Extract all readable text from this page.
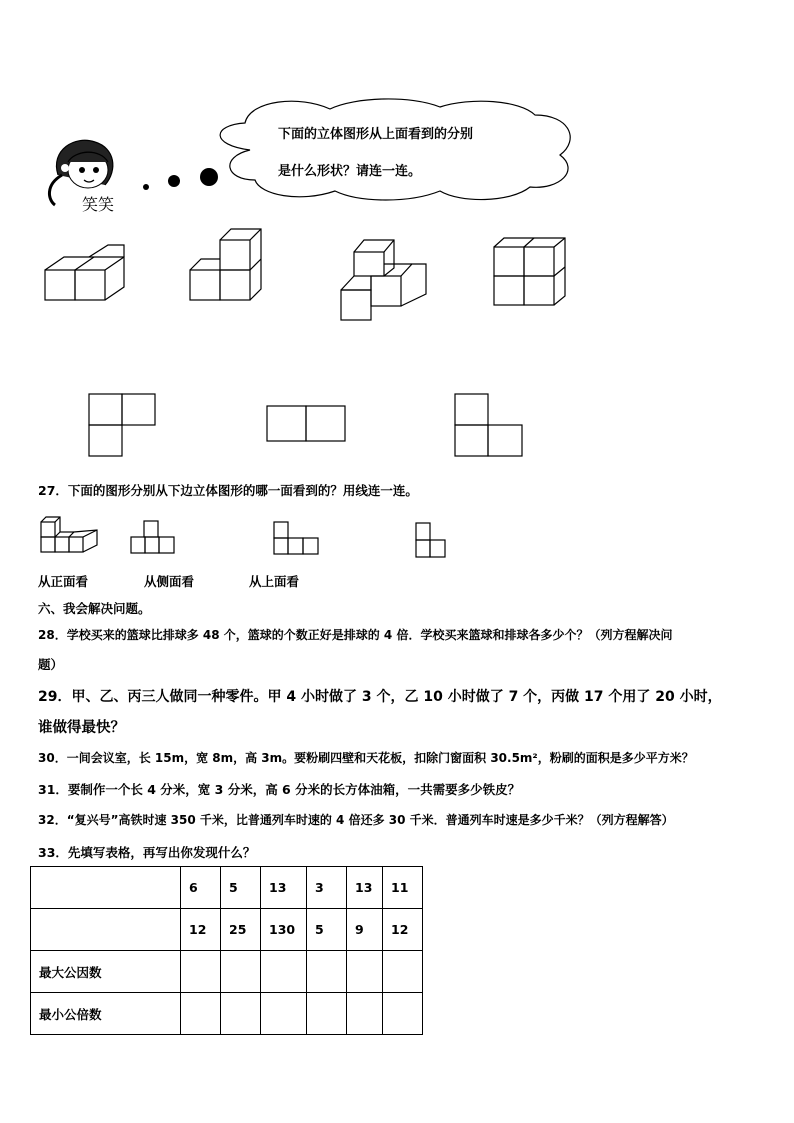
笑笑
下面的立体图形从上面看到的分别
是什么形状？请连一连。
27．下面的图形分别从下边立体图形的哪一面看到的？用线连一连。
从正面看	从侧面看	从上面看
六、我会解决问题。
28．学校买来的篮球比排球多 48 个，篮球的个数正好是排球的 4 倍．学校买来篮球和排球各多少个？（列方程解决问
题）
29．甲、乙、丙三人做同一种零件。甲 4 小时做了 3 个，乙 10 小时做了 7 个，丙做 17 个用了 20 小时，
谁做得最快？
30．一间会议室，长 15m，宽 8m，高 3m。要粉刷四壁和天花板，扣除门窗面积 30.5m²，粉刷的面积是多少平方米？
31．要制作一个长 4 分米，宽 3 分米，高 6 分米的长方体油箱，一共需要多少铁皮？
32．“复兴号”高铁时速 350 千米，比普通列车时速的 4 倍还多 30 千米．普通列车时速是多少千米？（列方程解答）
33．先填写表格，再写出你发现什么？
	6	5	13	3	13	11
	12	25	130	5	9	12
最大公因数						
最小公倍数						
